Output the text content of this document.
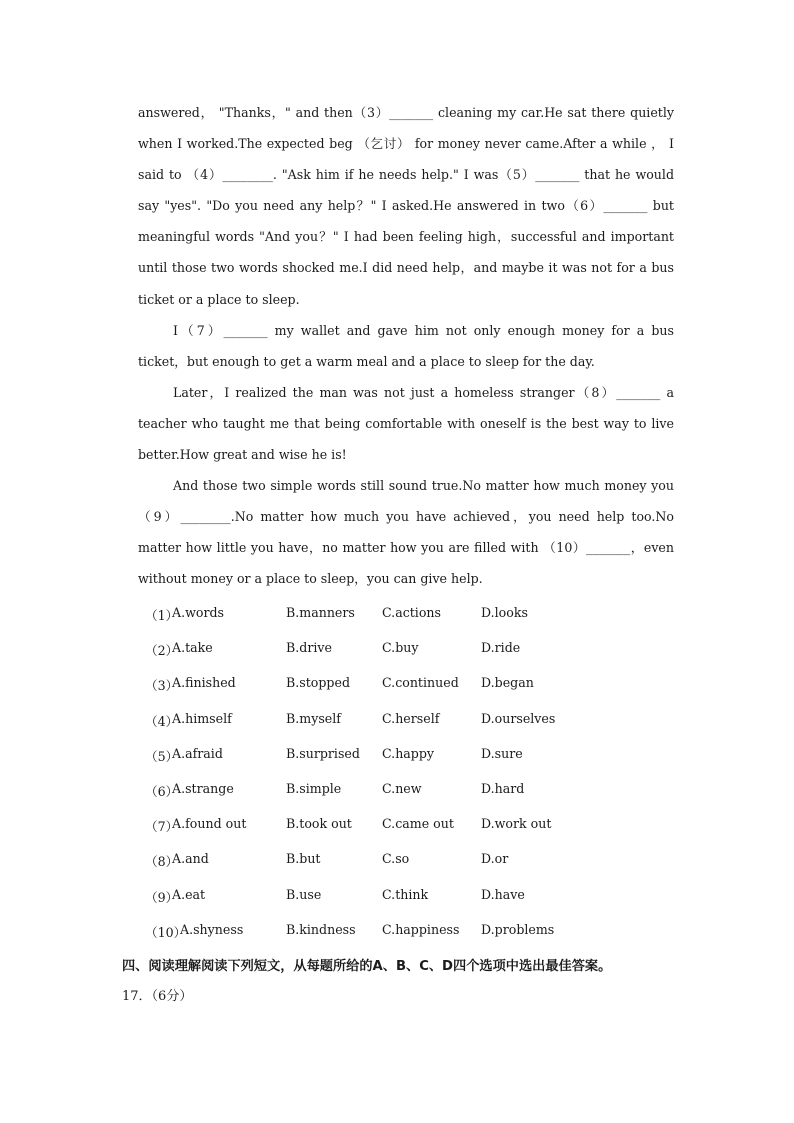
answered， "Thanks，" and then（3）_______ cleaning my car.He sat there quietly when I worked.The expected beg （乞讨） for money never came.After a while ， I said to （4）________. "Ask him if he needs help." I was（5）_______ that he would say "yes". "Do you need any help？" I asked.He answered in two（6）_______ but meaningful words "And you？" I had been feeling high，successful and important until those two words shocked me.I did need help，and maybe it was not for a bus ticket or a place to sleep.

I（7）_______ my wallet and gave him not only enough money for a bus ticket，but enough to get a warm meal and a place to sleep for the day.

Later，I realized the man was not just a homeless stranger（8）_______ a teacher who taught me that being comfortable with oneself is the best way to live better.How great and wise he is!

And those two simple words still sound true.No matter how much money you （9）________.No matter how much you have achieved，you need help too.No matter how little you have，no matter how you are filled with （10）_______，even without money or a place to sleep，you can give help.

（1）
A.words	B.manners C.actions	D.looks
（2）
A.take	B.drive	C.buy	D.ride
（3）
A.finished	B.stopped	C.continued D.began
（4）
A.himself	B.myself	C.herself	D.ourselves
（5）
A.afraid	B.surprised C.happy	D.sure
（6）
A.strange	B.simple	C.new	D.hard
（7）
A.found out	B.took out C.came out D.work out
（8）
A.and	B.but	C.so	D.or
（9）
A.eat	B.use	C.think	D.have
（10）
A.shyness	B.kindness C.happiness D.problems
四、阅读理解阅读下列短文，从每题所给的A、B、C、D四个选项中选出最佳答案。
17．（6分）
